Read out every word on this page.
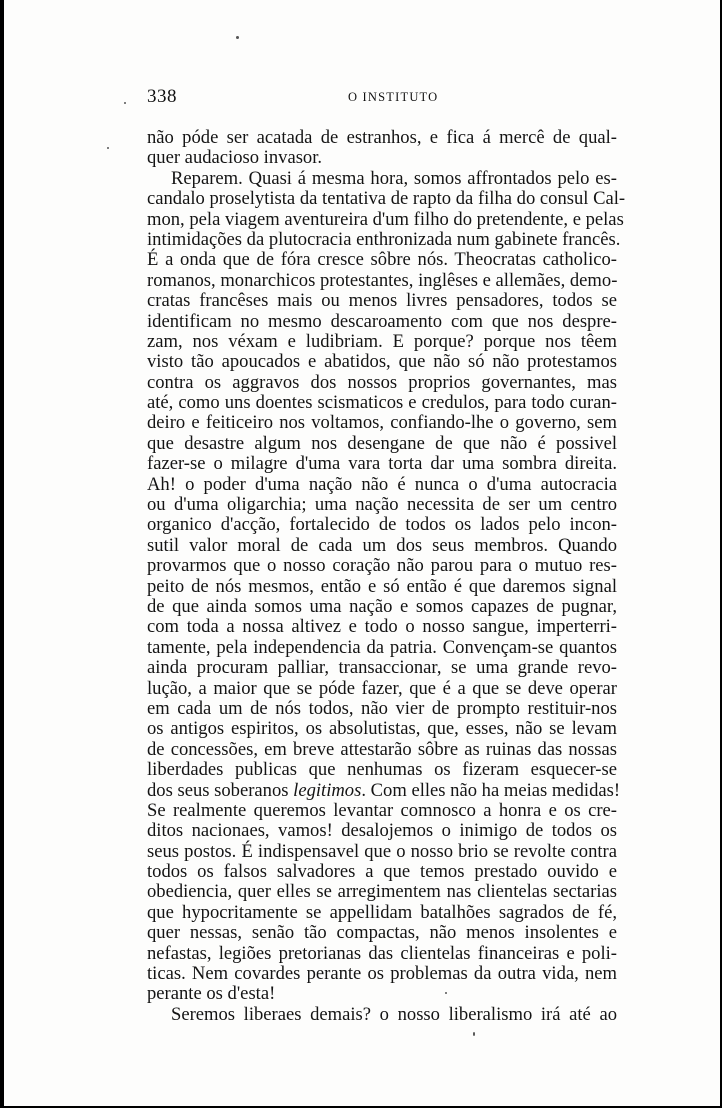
338	O INSTITUTO
não póde ser acatada de estranhos, e fica á mercê de qual-
quer audacioso invasor.
Reparem. Quasi á mesma hora, somos affrontados pelo es-
candalo proselytista da tentativa de rapto da filha do consul Cal-
mon, pela viagem aventureira d'um filho do pretendente, e pelas
intimidações da plutocracia enthronizada num gabinete francês.
É a onda que de fóra cresce sôbre nós. Theocratas catholico-
romanos, monarchicos protestantes, inglêses e allemães, demo-
cratas francêses mais ou menos livres pensadores, todos se
identificam no mesmo descaroamento com que nos despre-
zam, nos véxam e ludibriam. E porque? porque nos têem
visto tão apoucados e abatidos, que não só não protestamos
contra os aggravos dos nossos proprios governantes, mas
até, como uns doentes scismaticos e credulos, para todo curan-
deiro e feiticeiro nos voltamos, confiando-lhe o governo, sem
que desastre algum nos desengane de que não é possivel
fazer-se o milagre d'uma vara torta dar uma sombra direita.
Ah! o poder d'uma nação não é nunca o d'uma autocracia
ou d'uma oligarchia; uma nação necessita de ser um centro
organico d'acção, fortalecido de todos os lados pelo incon-
sutil valor moral de cada um dos seus membros. Quando
provarmos que o nosso coração não parou para o mutuo res-
peito de nós mesmos, então e só então é que daremos signal
de que ainda somos uma nação e somos capazes de pugnar,
com toda a nossa altivez e todo o nosso sangue, imperterri-
tamente, pela independencia da patria. Convençam-se quantos
ainda procuram palliar, transaccionar, se uma grande revo-
lução, a maior que se póde fazer, que é a que se deve operar
em cada um de nós todos, não vier de prompto restituir-nos
os antigos espiritos, os absolutistas, que, esses, não se levam
de concessões, em breve attestarão sôbre as ruinas das nossas
liberdades publicas que nenhumas os fizeram esquecer-se
dos seus soberanos legitimos. Com elles não ha meias medidas!
Se realmente queremos levantar comnosco a honra e os cre-
ditos nacionaes, vamos! desalojemos o inimigo de todos os
seus postos. É indispensavel que o nosso brio se revolte contra
todos os falsos salvadores a que temos prestado ouvido e
obediencia, quer elles se arregimentem nas clientelas sectarias
que hypocritamente se appellidam batalhões sagrados de fé,
quer nessas, senão tão compactas, não menos insolentes e
nefastas, legiões pretorianas das clientelas financeiras e poli-
ticas. Nem covardes perante os problemas da outra vida, nem
perante os d'esta!
Seremos liberaes demais? o nosso liberalismo irá até ao
